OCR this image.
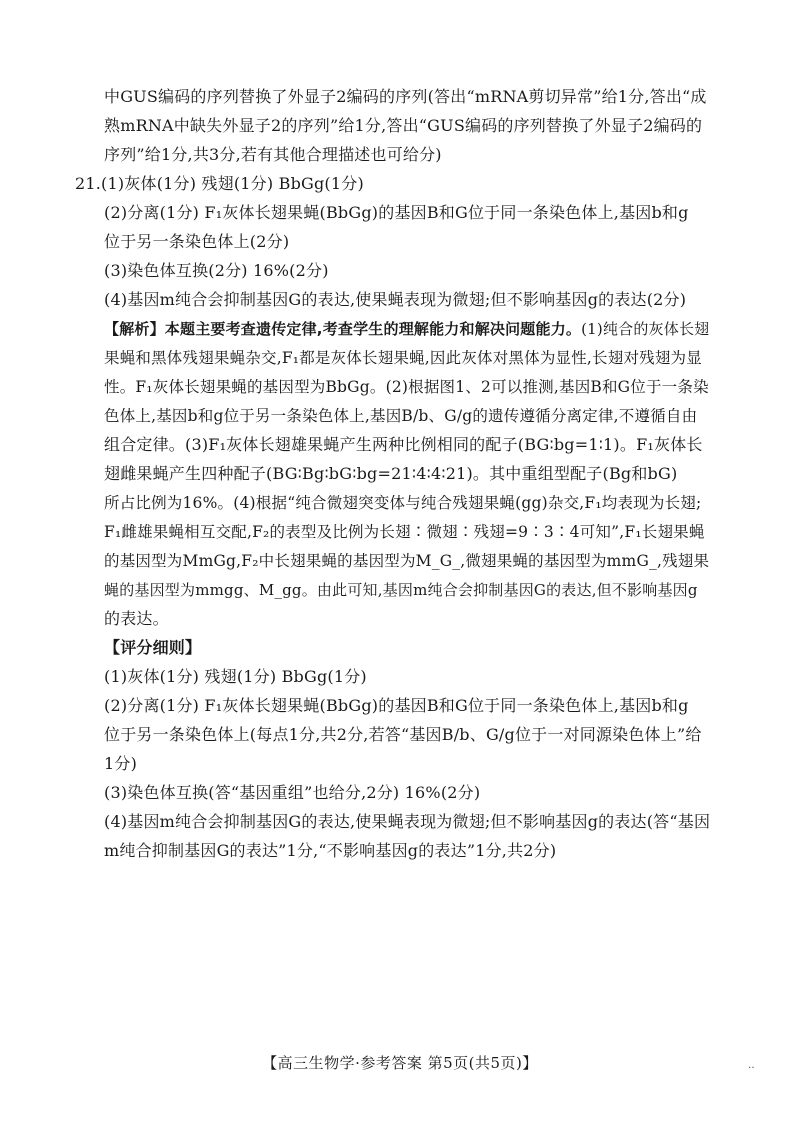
中GUS编码的序列替换了外显子2编码的序列(答出“mRNA剪切异常”给1分,答出“成
熟mRNA中缺失外显子2的序列”给1分,答出“GUS编码的序列替换了外显子2编码的
序列”给1分,共3分,若有其他合理描述也可给分)
21.(1)灰体(1分) 残翅(1分) BbGg(1分)
(2)分离(1分) F₁灰体长翅果蝇(BbGg)的基因B和G位于同一条染色体上,基因b和g
位于另一条染色体上(2分)
(3)染色体互换(2分) 16%(2分)
(4)基因m纯合会抑制基因G的表达,使果蝇表现为微翅;但不影响基因g的表达(2分)
【解析】本题主要考查遗传定律,考查学生的理解能力和解决问题能力。(1)纯合的灰体长翅
果蝇和黑体残翅果蝇杂交,F₁都是灰体长翅果蝇,因此灰体对黑体为显性,长翅对残翅为显
性。F₁灰体长翅果蝇的基因型为BbGg。(2)根据图1、2可以推测,基因B和G位于一条染
色体上,基因b和g位于另一条染色体上,基因B/b、G/g的遗传遵循分离定律,不遵循自由
组合定律。(3)F₁灰体长翅雄果蝇产生两种比例相同的配子(BG∶bg=1∶1)。F₁灰体长
翅雌果蝇产生四种配子(BG∶Bg∶bG∶bg=21∶4∶4∶21)。其中重组型配子(Bg和bG)
所占比例为16%。(4)根据“纯合微翅突变体与纯合残翅果蝇(gg)杂交,F₁均表现为长翅;
F₁雌雄果蝇相互交配,F₂的表型及比例为长翅∶微翅∶残翅=9∶3∶4可知”,F₁长翅果蝇
的基因型为MmGg,F₂中长翅果蝇的基因型为M_G_,微翅果蝇的基因型为mmG_,残翅果
蝇的基因型为mmgg、M_gg。由此可知,基因m纯合会抑制基因G的表达,但不影响基因g
的表达。
【评分细则】
(1)灰体(1分) 残翅(1分) BbGg(1分)
(2)分离(1分) F₁灰体长翅果蝇(BbGg)的基因B和G位于同一条染色体上,基因b和g
位于另一条染色体上(每点1分,共2分,若答“基因B/b、G/g位于一对同源染色体上”给
1分)
(3)染色体互换(答“基因重组”也给分,2分) 16%(2分)
(4)基因m纯合会抑制基因G的表达,使果蝇表现为微翅;但不影响基因g的表达(答“基因
m纯合抑制基因G的表达”1分,“不影响基因g的表达”1分,共2分)
【高三生物学·参考答案 第5页(共5页)】	‥
